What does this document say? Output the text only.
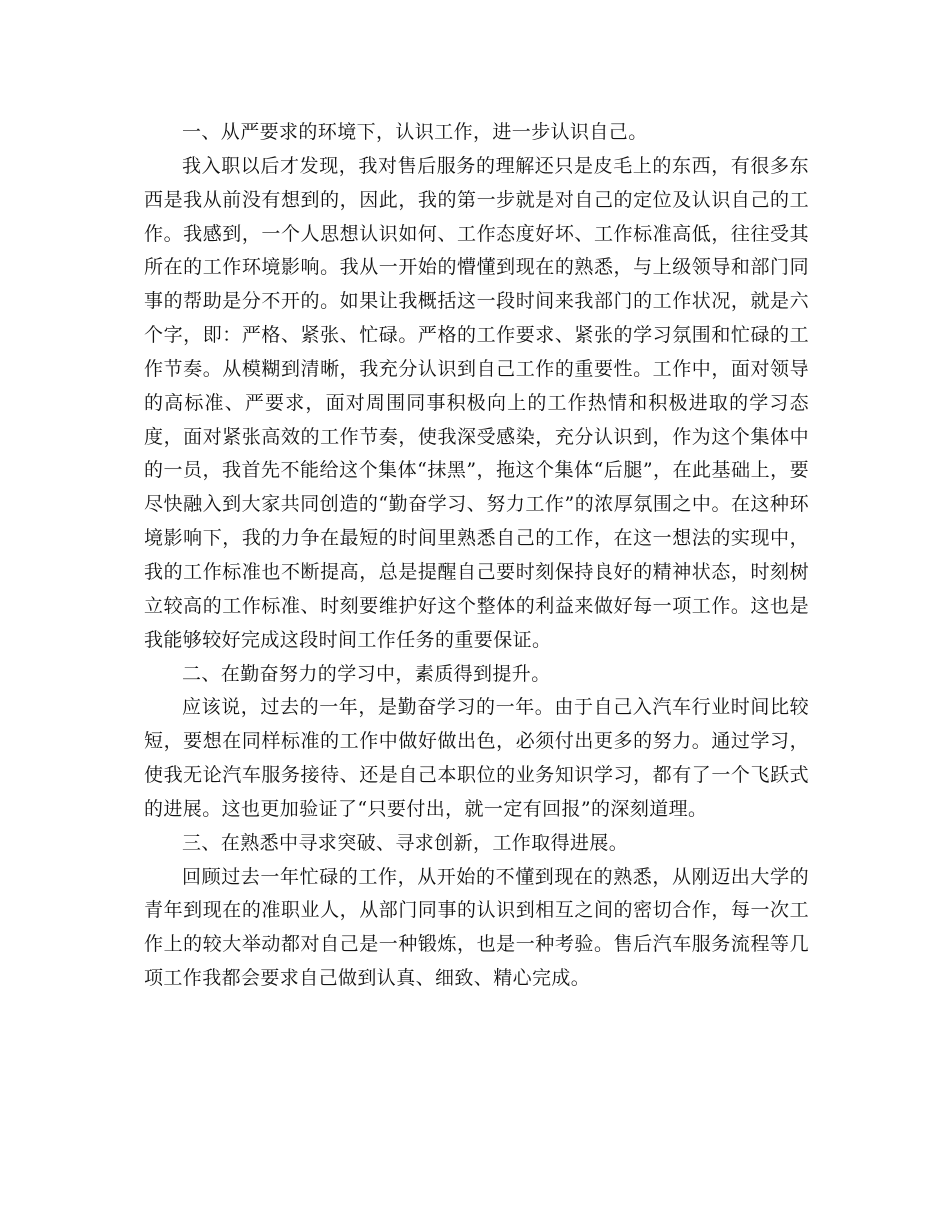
一、从严要求的环境下，认识工作，进一步认识自己。

我入职以后才发现，我对售后服务的理解还只是皮毛上的东西，有很多东西是我从前没有想到的，因此，我的第一步就是对自己的定位及认识自己的工作。我感到，一个人思想认识如何、工作态度好坏、工作标准高低，往往受其所在的工作环境影响。我从一开始的懵懂到现在的熟悉，与上级领导和部门同事的帮助是分不开的。如果让我概括这一段时间来我部门的工作状况，就是六个字，即：严格、紧张、忙碌。严格的工作要求、紧张的学习氛围和忙碌的工作节奏。从模糊到清晰，我充分认识到自己工作的重要性。工作中，面对领导的高标准、严要求，面对周围同事积极向上的工作热情和积极进取的学习态度，面对紧张高效的工作节奏，使我深受感染，充分认识到，作为这个集体中的一员，我首先不能给这个集体“抹黑”，拖这个集体“后腿”，在此基础上，要尽快融入到大家共同创造的“勤奋学习、努力工作”的浓厚氛围之中。在这种环境影响下，我的力争在最短的时间里熟悉自己的工作，在这一想法的实现中，我的工作标准也不断提高，总是提醒自己要时刻保持良好的精神状态，时刻树立较高的工作标准、时刻要维护好这个整体的利益来做好每一项工作。这也是我能够较好完成这段时间工作任务的重要保证。

二、在勤奋努力的学习中，素质得到提升。

应该说，过去的一年，是勤奋学习的一年。由于自己入汽车行业时间比较短，要想在同样标准的工作中做好做出色，必须付出更多的努力。通过学习，使我无论汽车服务接待、还是自己本职位的业务知识学习，都有了一个飞跃式的进展。这也更加验证了“只要付出，就一定有回报”的深刻道理。

三、在熟悉中寻求突破、寻求创新，工作取得进展。

回顾过去一年忙碌的工作，从开始的不懂到现在的熟悉，从刚迈出大学的青年到现在的准职业人，从部门同事的认识到相互之间的密切合作，每一次工作上的较大举动都对自己是一种锻炼，也是一种考验。售后汽车服务流程等几项工作我都会要求自己做到认真、细致、精心完成。
